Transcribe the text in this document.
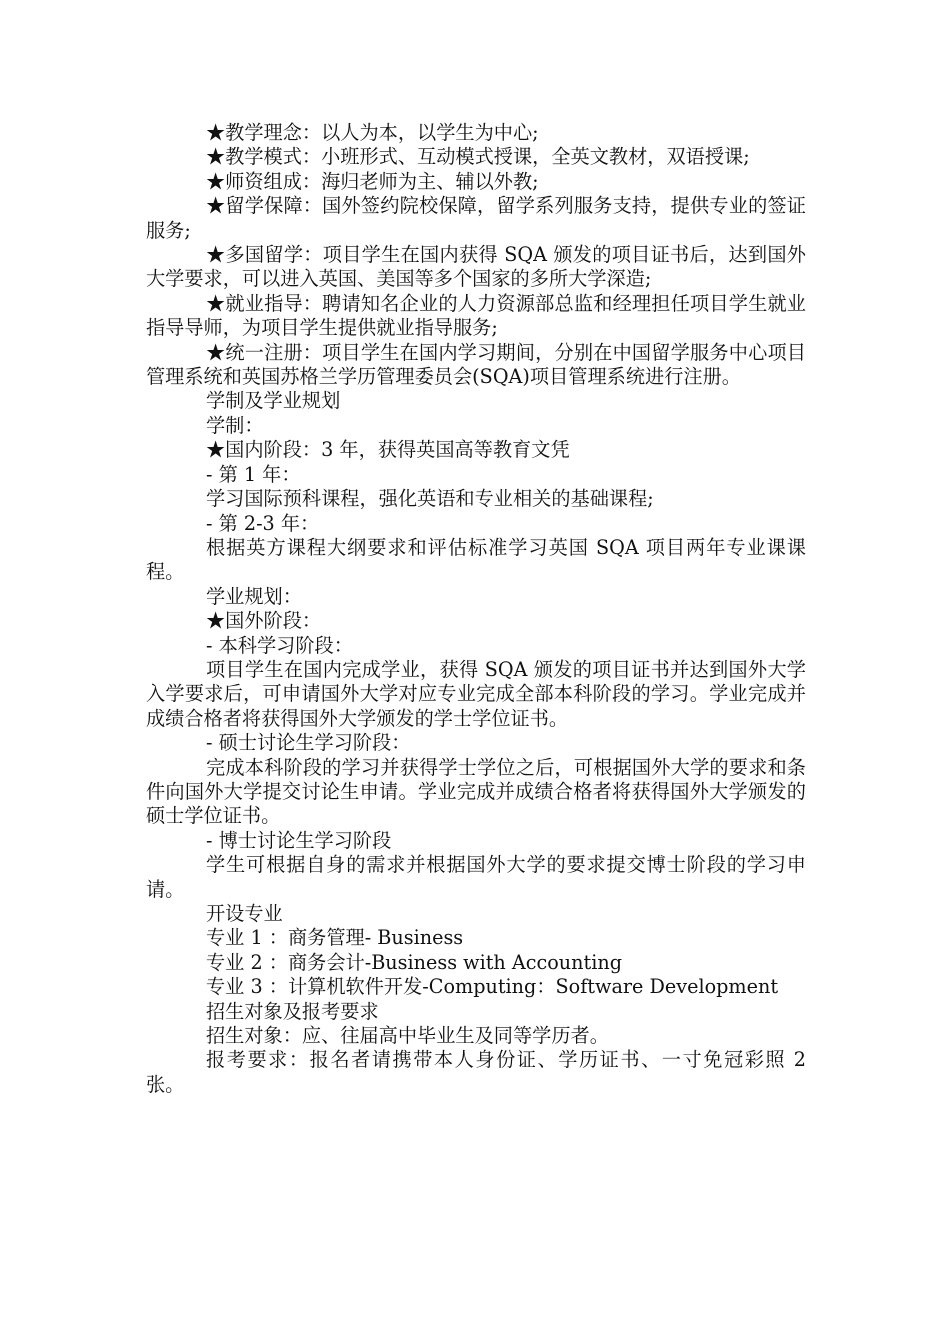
★教学理念：以人为本，以学生为中心;

★教学模式：小班形式、互动模式授课，全英文教材，双语授课;

★师资组成：海归老师为主、辅以外教;

★留学保障：国外签约院校保障，留学系列服务支持，提供专业的签证服务;

★多国留学：项目学生在国内获得 SQA 颁发的项目证书后，达到国外大学要求，可以进入英国、美国等多个国家的多所大学深造;

★就业指导：聘请知名企业的人力资源部总监和经理担任项目学生就业指导导师，为项目学生提供就业指导服务;

★统一注册：项目学生在国内学习期间，分别在中国留学服务中心项目管理系统和英国苏格兰学历管理委员会(SQA)项目管理系统进行注册。

学制及学业规划

学制：

★国内阶段：3 年，获得英国高等教育文凭

- 第 1 年：

学习国际预科课程，强化英语和专业相关的基础课程;

- 第 2-3 年：

根据英方课程大纲要求和评估标准学习英国 SQA 项目两年专业课课程。

学业规划：

★国外阶段：

- 本科学习阶段：

项目学生在国内完成学业，获得 SQA 颁发的项目证书并达到国外大学入学要求后，可申请国外大学对应专业完成全部本科阶段的学习。学业完成并成绩合格者将获得国外大学颁发的学士学位证书。

- 硕士讨论生学习阶段：

完成本科阶段的学习并获得学士学位之后，可根据国外大学的要求和条件向国外大学提交讨论生申请。学业完成并成绩合格者将获得国外大学颁发的硕士学位证书。

- 博士讨论生学习阶段

学生可根据自身的需求并根据国外大学的要求提交博士阶段的学习申请。

开设专业

专业 1 ：商务管理- Business

专业 2 ：商务会计-Business with Accounting

专业 3 ：计算机软件开发-Computing：Software Development

招生对象及报考要求

招生对象：应、往届高中毕业生及同等学历者。

报考要求：报名者请携带本人身份证、学历证书、一寸免冠彩照 2 张。
